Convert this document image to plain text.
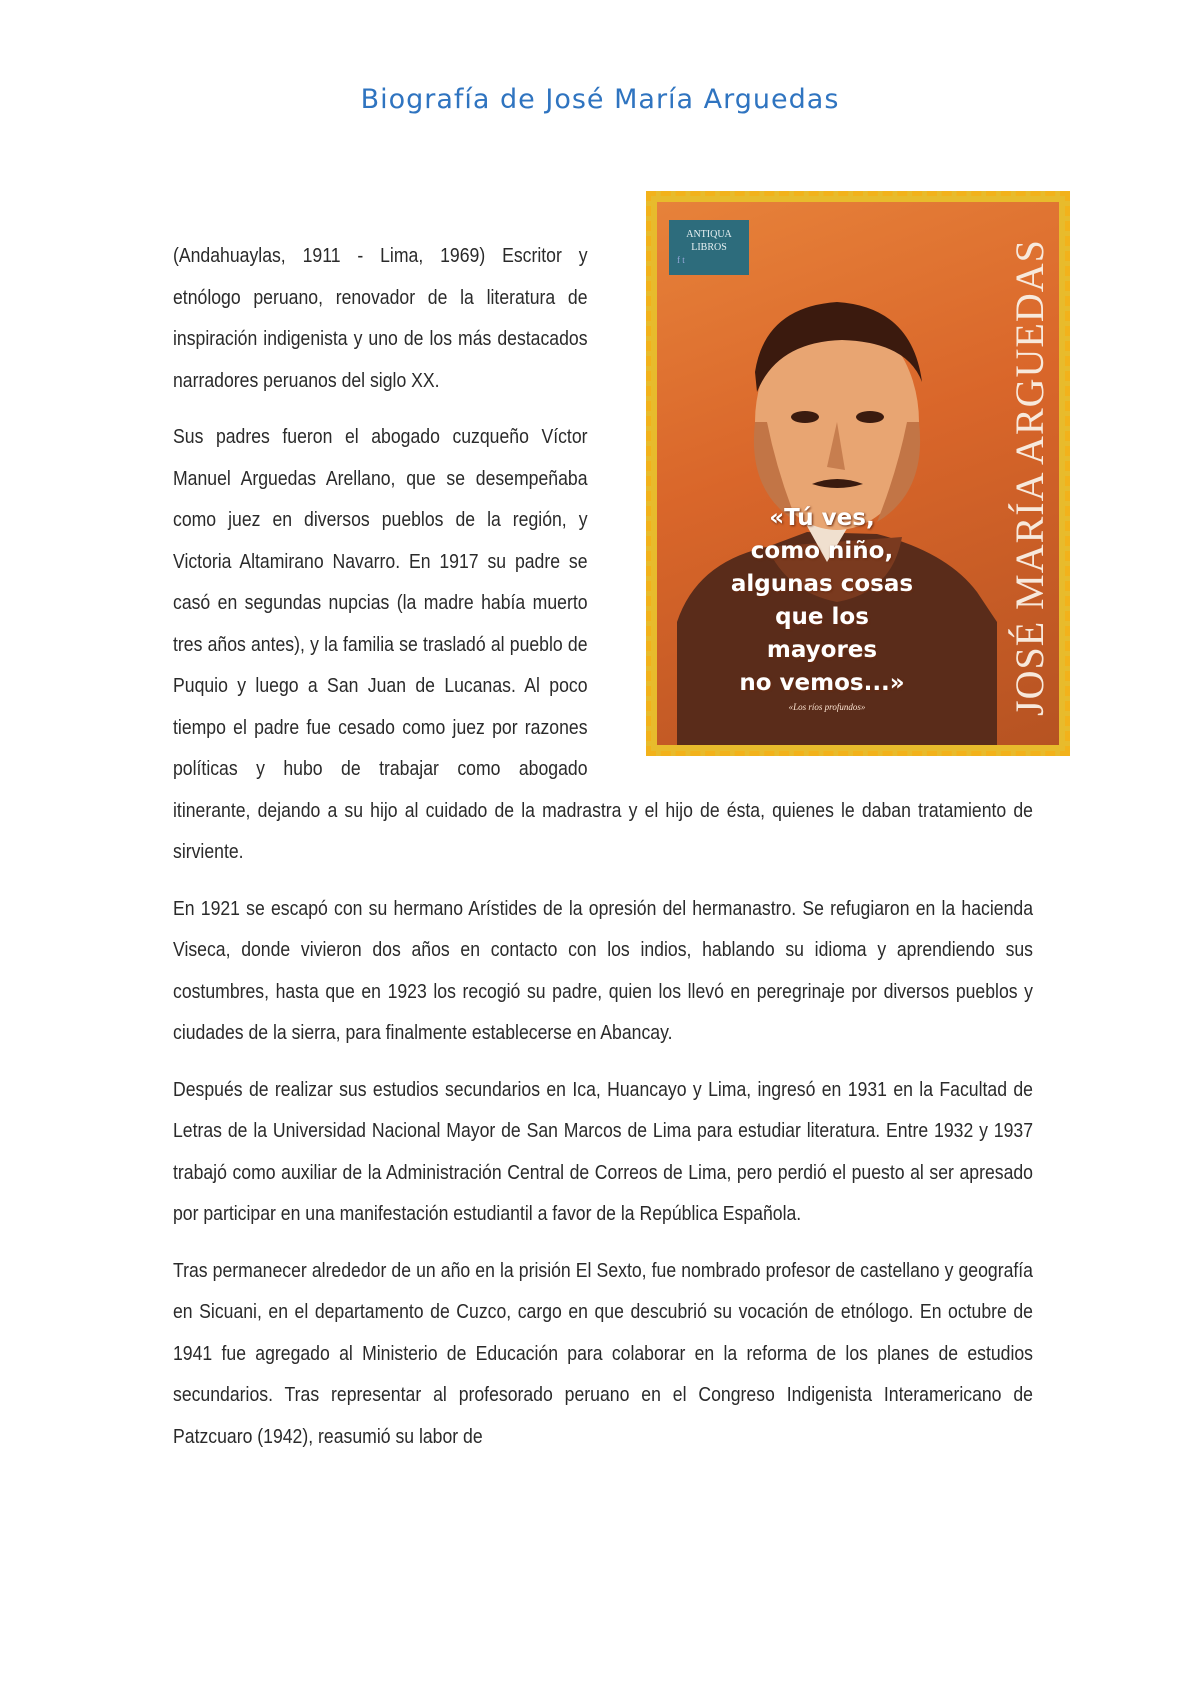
Biografía de José María Arguedas
ANTIQUA
LIBROS
f t	JOSÉ MARÍA ARGUEDAS
«Tú ves,
como niño,
algunas cosas
que los
mayores
no vemos...»
«Los ríos profundos»

(Andahuaylas, 1911 - Lima, 1969) Escritor y etnólogo peruano, renovador de la literatura de inspiración indigenista y uno de los más destacados narradores peruanos del siglo XX.

Sus padres fueron el abogado cuzqueño Víctor Manuel Arguedas Arellano, que se desempeñaba como juez en diversos pueblos de la región, y Victoria Altamirano Navarro. En 1917 su padre se casó en segundas nupcias (la madre había muerto tres años antes), y la familia se trasladó al pueblo de Puquio y luego a San Juan de Lucanas. Al poco tiempo el padre fue cesado como juez por razones políticas y hubo de trabajar como abogado itinerante, dejando a su hijo al cuidado de la madrastra y el hijo de ésta, quienes le daban tratamiento de sirviente.

En 1921 se escapó con su hermano Arístides de la opresión del hermanastro. Se refugiaron en la hacienda Viseca, donde vivieron dos años en contacto con los indios, hablando su idioma y aprendiendo sus costumbres, hasta que en 1923 los recogió su padre, quien los llevó en peregrinaje por diversos pueblos y ciudades de la sierra, para finalmente establecerse en Abancay.

Después de realizar sus estudios secundarios en Ica, Huancayo y Lima, ingresó en 1931 en la Facultad de Letras de la Universidad Nacional Mayor de San Marcos de Lima para estudiar literatura. Entre 1932 y 1937 trabajó como auxiliar de la Administración Central de Correos de Lima, pero perdió el puesto al ser apresado por participar en una manifestación estudiantil a favor de la República Española.

Tras permanecer alrededor de un año en la prisión El Sexto, fue nombrado profesor de castellano y geografía en Sicuani, en el departamento de Cuzco, cargo en que descubrió su vocación de etnólogo. En octubre de 1941 fue agregado al Ministerio de Educación para colaborar en la reforma de los planes de estudios secundarios. Tras representar al profesorado peruano en el Congreso Indigenista Interamericano de Patzcuaro (1942), reasumió su labor de
